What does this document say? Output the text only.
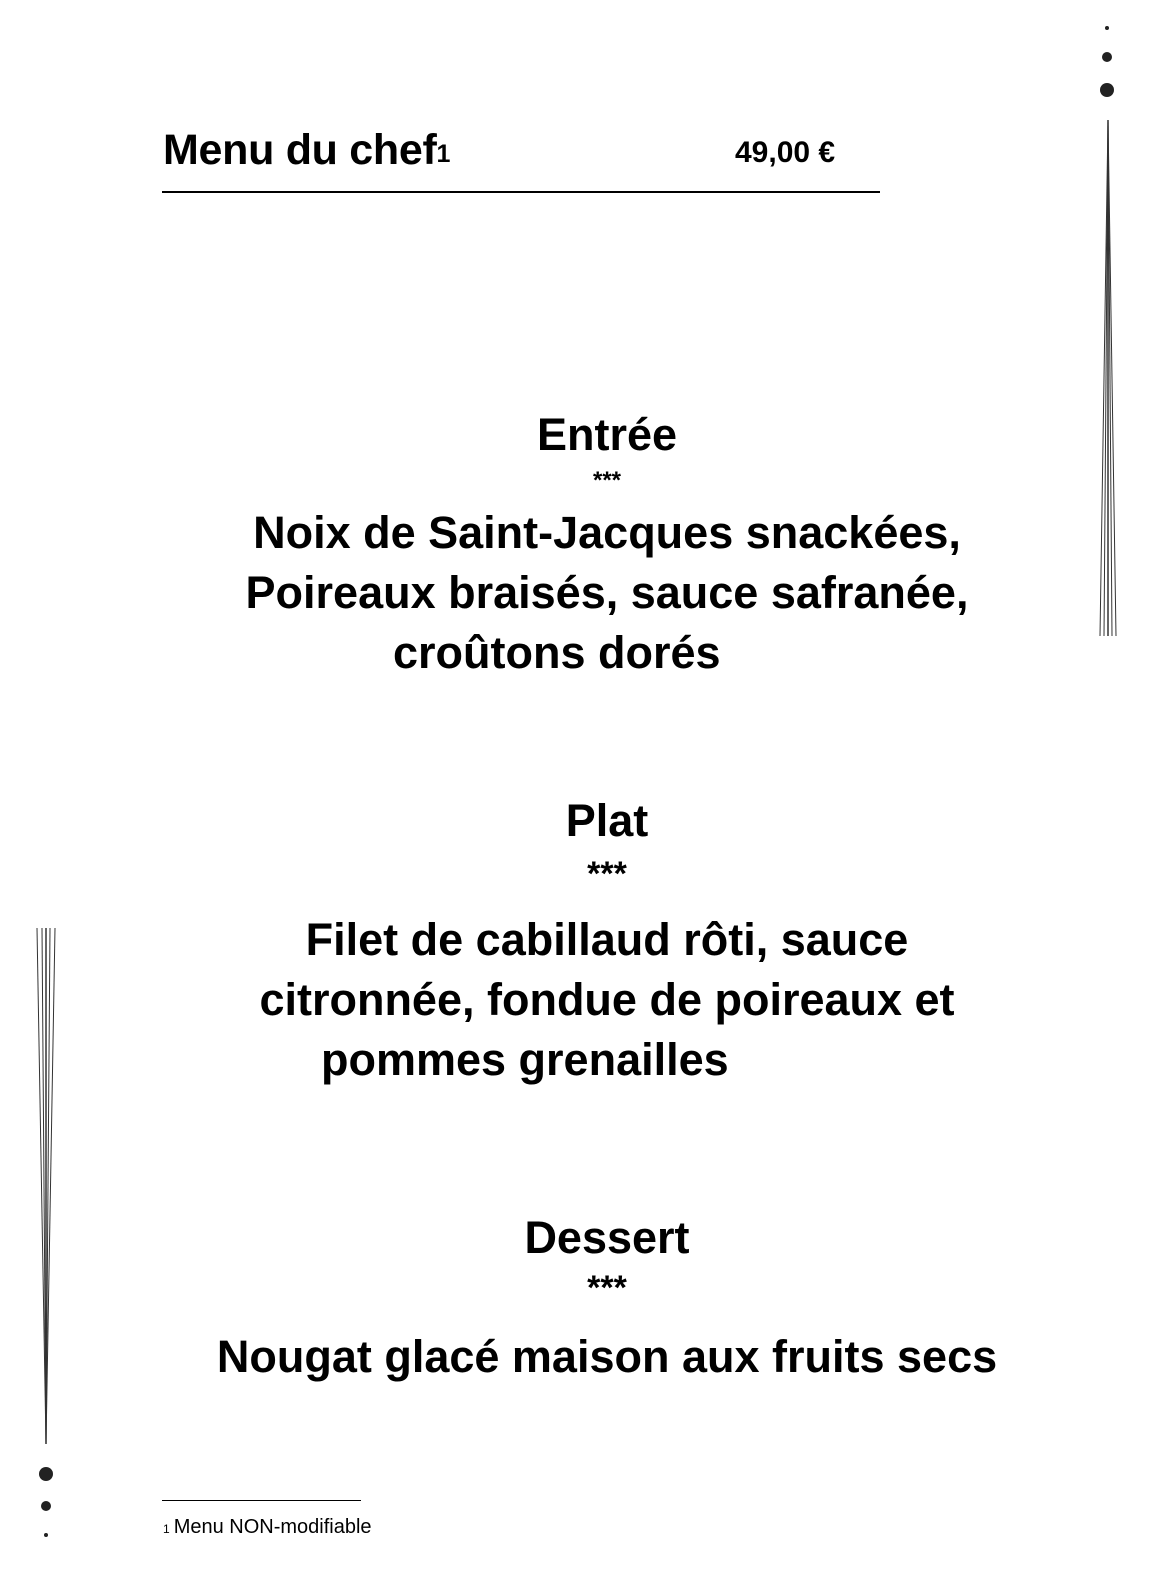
Menu du chef$^1$	49,00 €
Entrée
***
Noix de Saint-Jacques snackées,
Poireaux braisés, sauce safranée,
croûtons dorés
Plat
***
Filet de cabillaud rôti, sauce
citronnée, fondue de poireaux et
pommes grenailles
Dessert
***
Nougat glacé maison aux fruits secs
$^1$ Menu NON-modifiable
